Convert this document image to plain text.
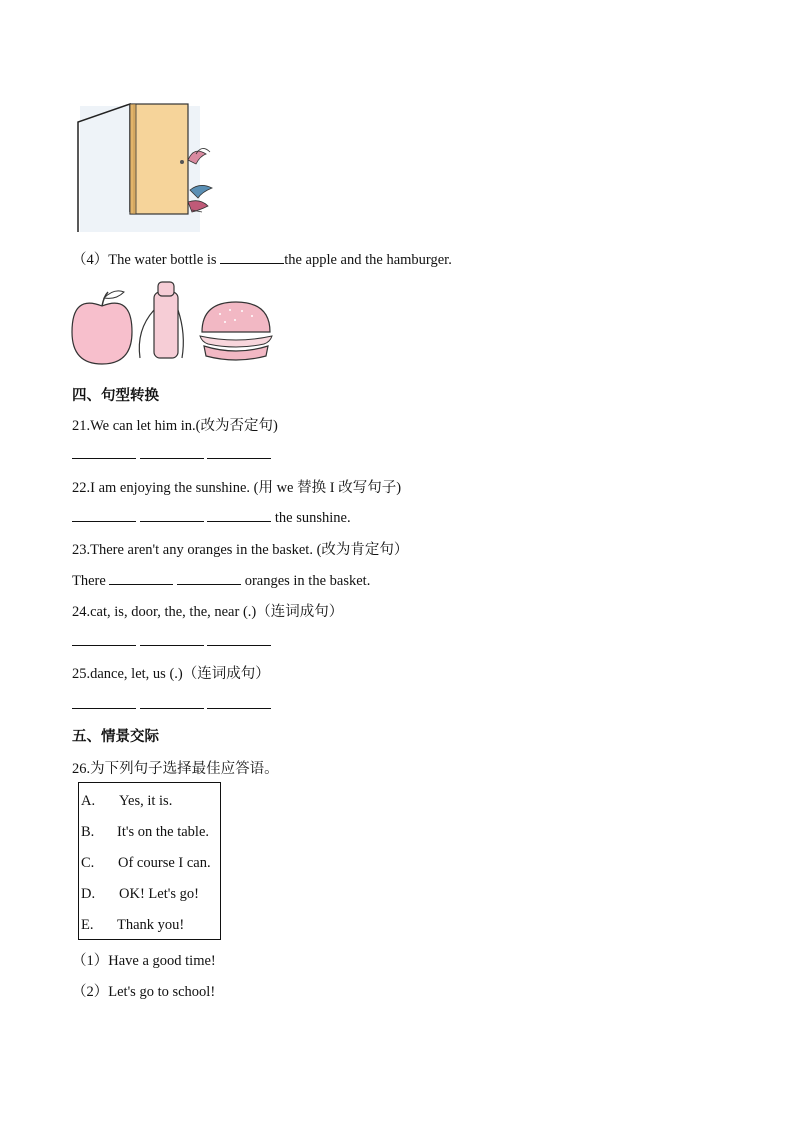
（4）The water bottle is	the apple and the hamburger.
四、句型转换
21.We can let him in.(改为否定句)

22.I am enjoying the sunshine. (用 we 替换 I 改写句子)
the sunshine.
23.There aren't any oranges in the basket. (改为肯定句）
There	oranges in the basket.
24.cat, is, door, the, the, near (.)（连词成句）

25.dance, let, us (.)（连词成句）

五、情景交际
26.为下列句子选择最佳应答语。
A. Yes, it is.
B. It's on the table.
C. Of course I can.
D. OK! Let's go!
E. Thank you!
（1）Have a good time!
（2）Let's go to school!
